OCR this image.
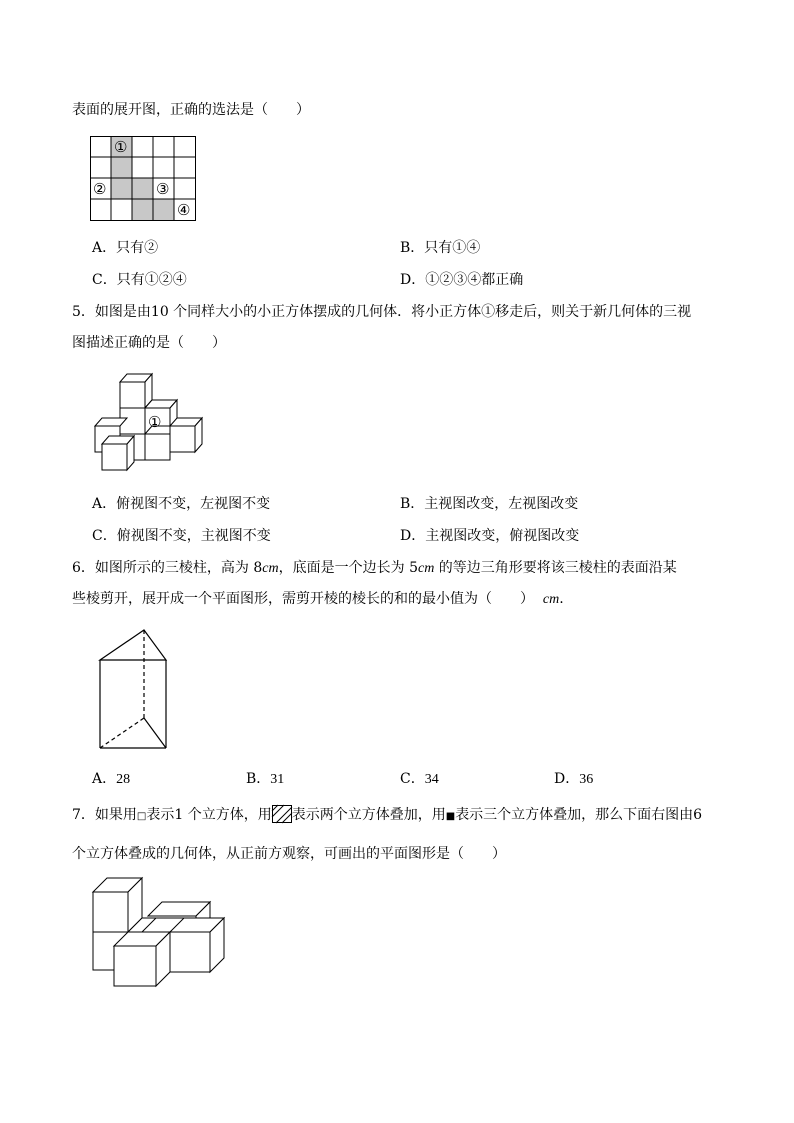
表面的展开图，正确的选法是（　　）
①
②	③
④
A．只有②	B．只有①④
C．只有①②④	D．①②③④都正确
5．如图是由10 个同样大小的小正方体摆成的几何体．将小正方体①移走后，则关于新几何体的三视
图描述正确的是（　　）
①
A．俯视图不变，左视图不变	B．主视图改变，左视图改变
C．俯视图不变，主视图不变	D．主视图改变，俯视图改变
6．如图所示的三棱柱，高为 8cm，底面是一个边长为 5cm 的等边三角形要将该三棱柱的表面沿某
些棱剪开，展开成一个平面图形，需剪开棱的棱长的和的最小值为（　　） cm.
A．28	B．31	C．34	D．36
7．如果用□表示1 个立方体，用 表示两个立方体叠加，用■表示三个立方体叠加，那么下面右图由6
个立方体叠成的几何体，从正前方观察，可画出的平面图形是（　　）
